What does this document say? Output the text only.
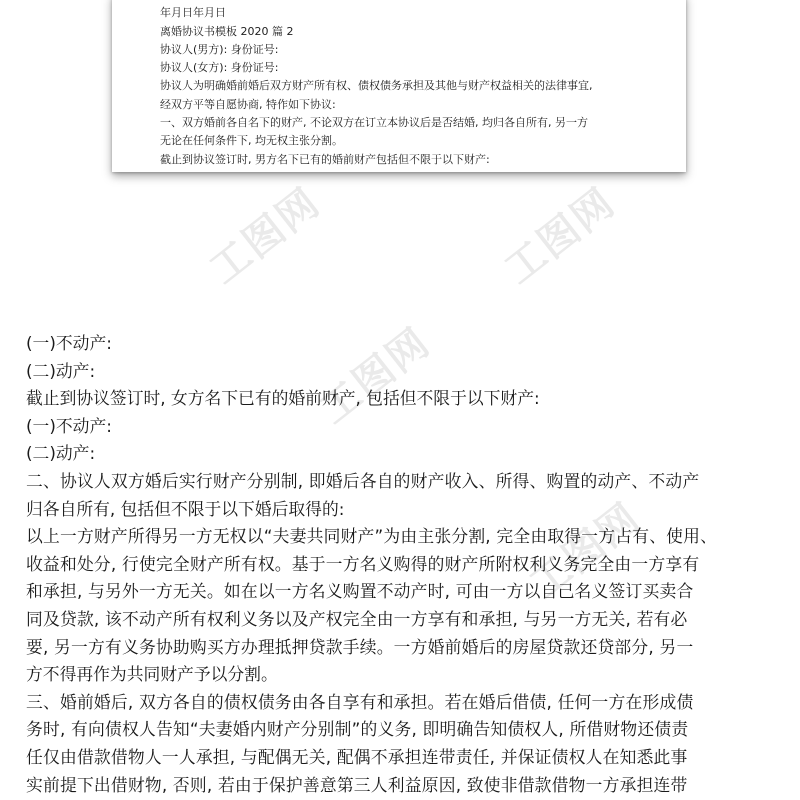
年月日年月日
离婚协议书模板 2020 篇 2
协议人(男方): 身份证号:
协议人(女方): 身份证号:
协议人为明确婚前婚后双方财产所有权、债权债务承担及其他与财产权益相关的法律事宜,
经双方平等自愿协商, 特作如下协议:
一、双方婚前各自名下的财产, 不论双方在订立本协议后是否结婚, 均归各自所有, 另一方
无论在任何条件下, 均无权主张分割。
截止到协议签订时, 男方名下已有的婚前财产包括但不限于以下财产:
工图网	工图网
工图网
工图网
(一)不动产:
(二)动产:
截止到协议签订时, 女方名下已有的婚前财产, 包括但不限于以下财产:
(一)不动产:
(二)动产:
二、协议人双方婚后实行财产分别制, 即婚后各自的财产收入、所得、购置的动产、不动产
归各自所有, 包括但不限于以下婚后取得的:
以上一方财产所得另一方无权以“夫妻共同财产”为由主张分割, 完全由取得一方占有、使用、
收益和处分, 行使完全财产所有权。基于一方名义购得的财产所附权利义务完全由一方享有
和承担, 与另外一方无关。如在以一方名义购置不动产时, 可由一方以自己名义签订买卖合
同及贷款, 该不动产所有权利义务以及产权完全由一方享有和承担, 与另一方无关, 若有必
要, 另一方有义务协助购买方办理抵押贷款手续。一方婚前婚后的房屋贷款还贷部分, 另一
方不得再作为共同财产予以分割。
三、婚前婚后, 双方各自的债权债务由各自享有和承担。若在婚后借债, 任何一方在形成债
务时, 有向债权人告知“夫妻婚内财产分别制”的义务, 即明确告知债权人, 所借财物还债责
任仅由借款借物人一人承担, 与配偶无关, 配偶不承担连带责任, 并保证债权人在知悉此事
实前提下出借财物, 否则, 若由于保护善意第三人利益原因, 致使非借款借物一方承担连带
